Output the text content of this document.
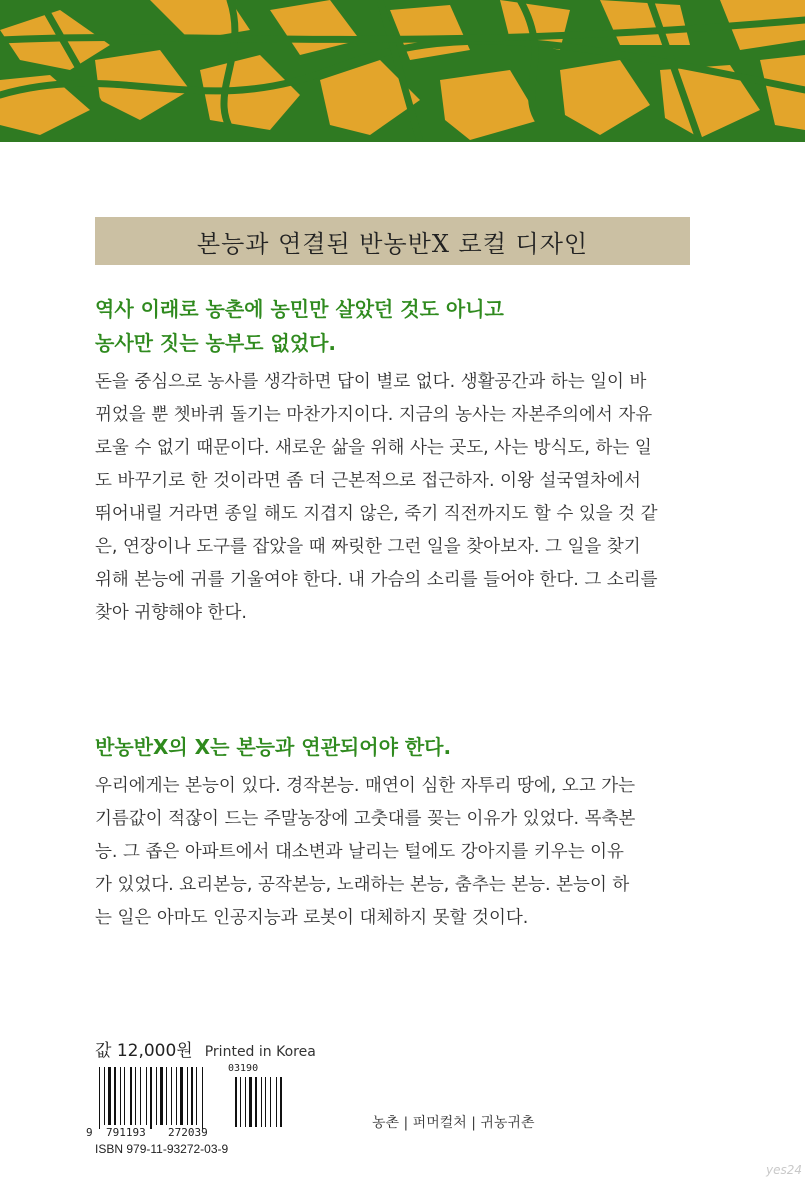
본능과 연결된 반농반X 로컬 디자인

역사 이래로 농촌에 농민만 살았던 것도 아니고
농사만 짓는 농부도 없었다.

돈을 중심으로 농사를 생각하면 답이 별로 없다. 생활공간과 하는 일이 바
뀌었을 뿐 쳇바퀴 돌기는 마찬가지이다. 지금의 농사는 자본주의에서 자유
로울 수 없기 때문이다. 새로운 삶을 위해 사는 곳도, 사는 방식도, 하는 일
도 바꾸기로 한 것이라면 좀 더 근본적으로 접근하자. 이왕 설국열차에서
뛰어내릴 거라면 종일 해도 지겹지 않은, 죽기 직전까지도 할 수 있을 것 같
은, 연장이나 도구를 잡았을 때 짜릿한 그런 일을 찾아보자. 그 일을 찾기
위해 본능에 귀를 기울여야 한다. 내 가슴의 소리를 들어야 한다. 그 소리를
찾아 귀향해야 한다.

반농반X의 X는 본능과 연관되어야 한다.

우리에게는 본능이 있다. 경작본능. 매연이 심한 자투리 땅에, 오고 가는
기름값이 적잖이 드는 주말농장에 고춧대를 꽂는 이유가 있었다. 목축본
능. 그 좁은 아파트에서 대소변과 날리는 털에도 강아지를 키우는 이유
가 있었다. 요리본능, 공작본능, 노래하는 본능, 춤추는 본능. 본능이 하
는 일은 아마도 인공지능과 로봇이 대체하지 못할 것이다.

값 12,000원 Printed in Korea
03190
9 791193 272039
ISBN 979-11-93272-03-9
농촌 | 퍼머컬처 | 귀농귀촌
yes24
